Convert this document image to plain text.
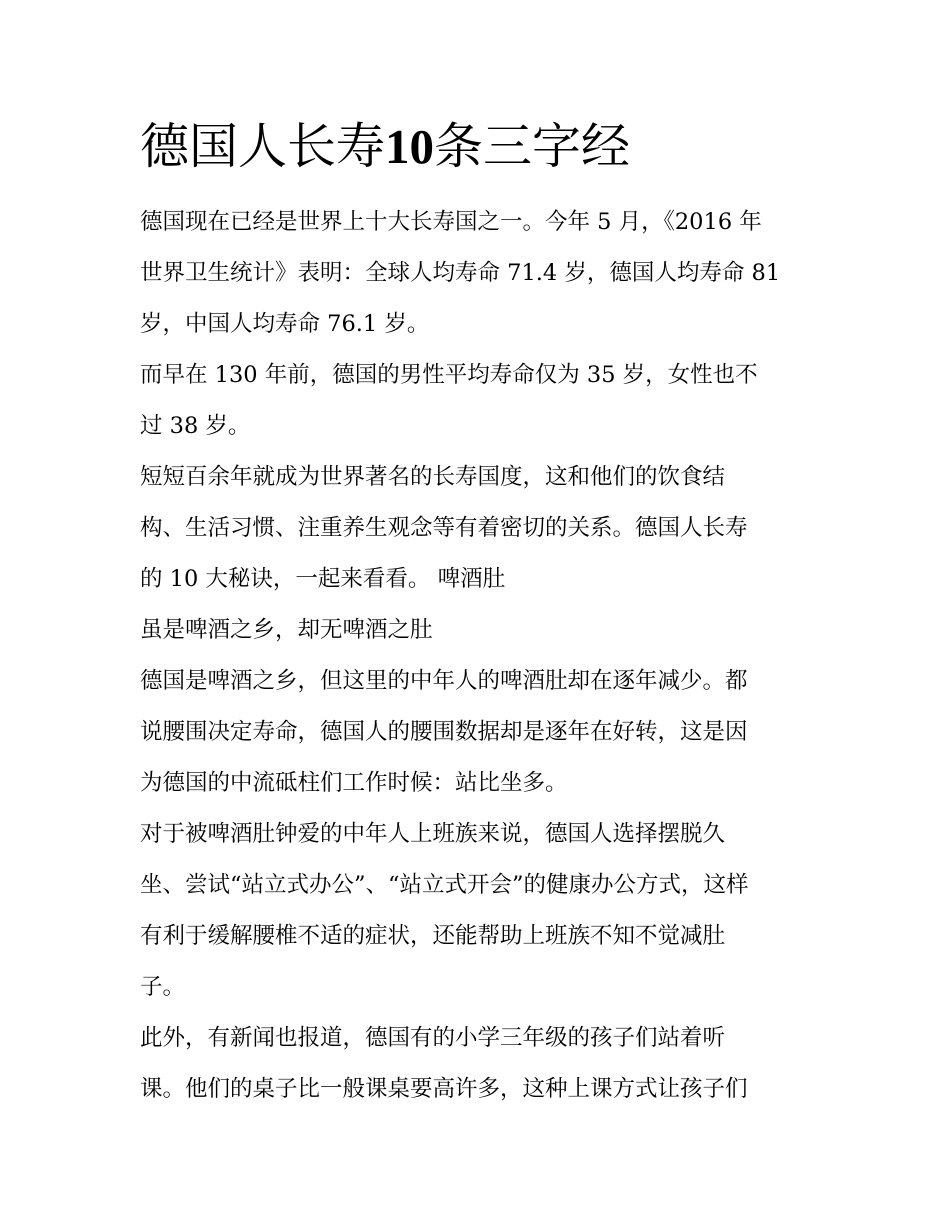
德国人长寿10条三字经
德国现在已经是世界上十大长寿国之一。今年 5 月，《2016 年
世界卫生统计》表明：全球人均寿命 71.4 岁，德国人均寿命 81
岁，中国人均寿命 76.1 岁。
而早在 130 年前，德国的男性平均寿命仅为 35 岁，女性也不
过 38 岁。
短短百余年就成为世界著名的长寿国度，这和他们的饮食结
构、生活习惯、注重养生观念等有着密切的关系。德国人长寿
的 10 大秘诀，一起来看看。 啤酒肚
虽是啤酒之乡，却无啤酒之肚
德国是啤酒之乡，但这里的中年人的啤酒肚却在逐年减少。都
说腰围决定寿命，德国人的腰围数据却是逐年在好转，这是因
为德国的中流砥柱们工作时候：站比坐多。
对于被啤酒肚钟爱的中年人上班族来说，德国人选择摆脱久
坐、尝试“站立式办公”、“站立式开会”的健康办公方式，这样
有利于缓解腰椎不适的症状，还能帮助上班族不知不觉减肚
子。
此外，有新闻也报道，德国有的小学三年级的孩子们站着听
课。他们的桌子比一般课桌要高许多，这种上课方式让孩子们
